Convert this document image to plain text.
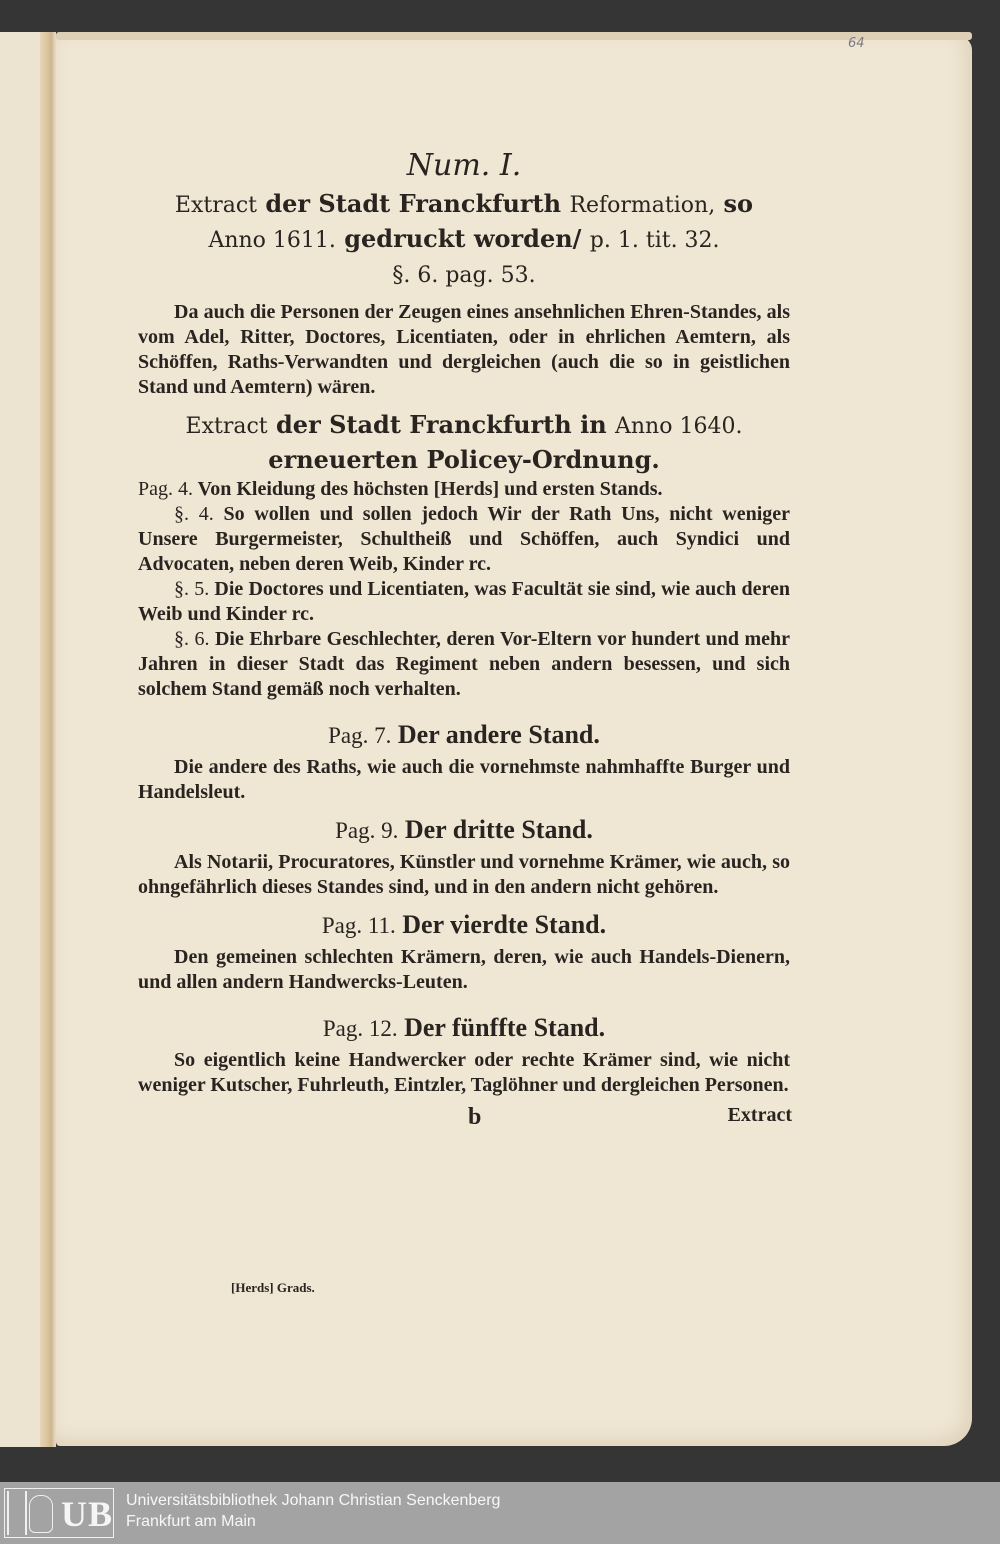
64
Num. I.
Extract der Stadt Franckfurth Reformation, so
Anno 1611. gedruckt worden/ p. 1. tit. 32.
§. 6. pag. 53.
Da auch die Personen der Zeugen eines ansehnlichen Ehren-Standes, als vom Adel, Ritter, Doctores, Licentiaten, oder in ehrlichen Aemtern, als Schöffen, Raths-Verwandten und dergleichen (auch die so in geistlichen Stand und Aemtern) wären.
Extract der Stadt Franckfurth in Anno 1640.
erneuerten Policey-Ordnung.
Pag. 4. Von Kleidung des höchsten [Herds] und ersten Stands.
§. 4. So wollen und sollen jedoch Wir der Rath Uns, nicht weniger Unsere Burgermeister, Schultheiß und Schöffen, auch Syndici und Advocaten, neben deren Weib, Kinder rc.
§. 5. Die Doctores und Licentiaten, was Facultät sie sind, wie auch deren Weib und Kinder rc.
§. 6. Die Ehrbare Geschlechter, deren Vor-Eltern vor hundert und mehr Jahren in dieser Stadt das Regiment neben andern besessen, und sich solchem Stand gemäß noch verhalten.
Pag. 7. Der andere Stand.
Die andere des Raths, wie auch die vornehmste nahmhaffte Burger und Handelsleut.
Pag. 9. Der dritte Stand.
Als Notarii, Procuratores, Künstler und vornehme Krämer, wie auch, so ohngefährlich dieses Standes sind, und in den andern nicht gehören.
Pag. 11. Der vierdte Stand.
Den gemeinen schlechten Krämern, deren, wie auch Handels-Dienern, und allen andern Handwercks-Leuten.
Pag. 12. Der fünffte Stand.
So eigentlich keine Handwercker oder rechte Krämer sind, wie nicht weniger Kutscher, Fuhrleuth, Eintzler, Taglöhner und dergleichen Personen.
b	Extract
[Herds] Grads.
UB Universitätsbibliothek Johann Christian Senckenberg
Frankfurt am Main
